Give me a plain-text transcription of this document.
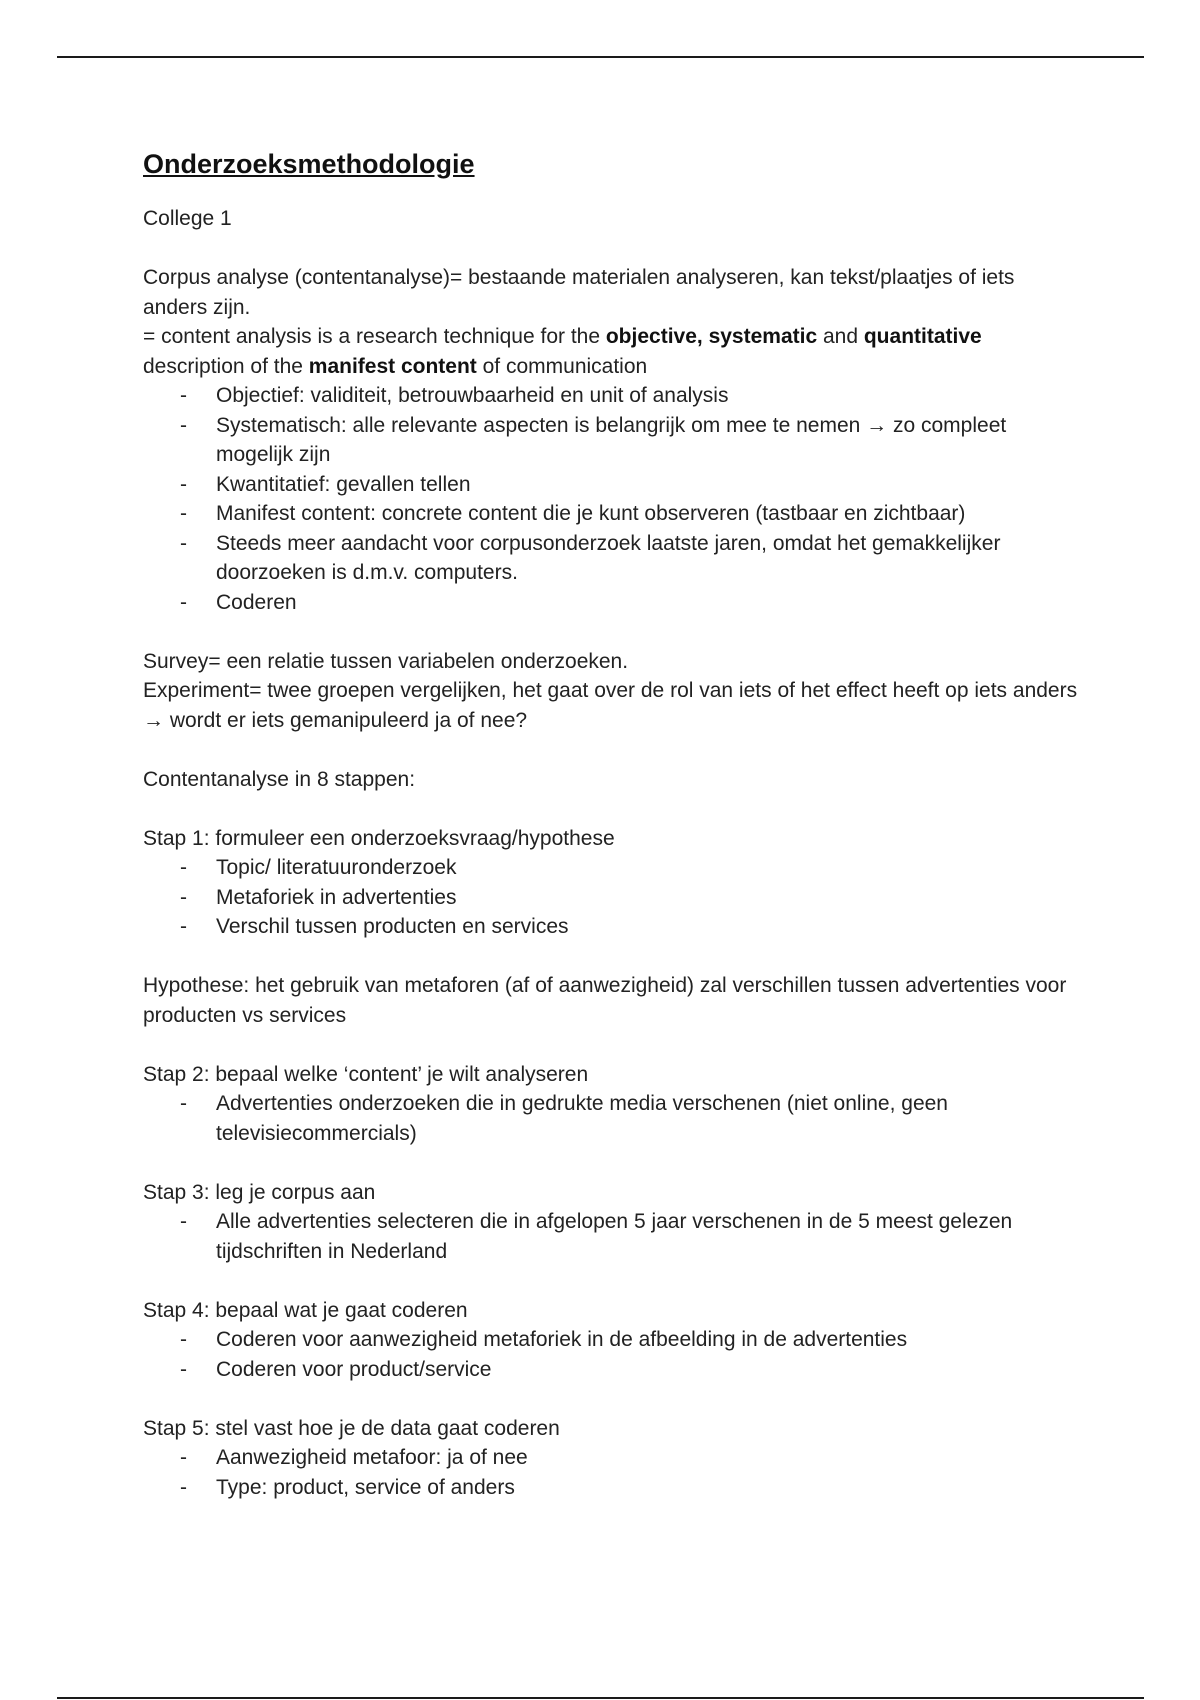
Onderzoeksmethodologie

College 1

Corpus analyse (contentanalyse)= bestaande materialen analyseren, kan tekst/plaatjes of iets anders zijn.

= content analysis is a research technique for the objective, systematic and quantitative description of the manifest content of communication

- Objectief: validiteit, betrouwbaarheid en unit of analysis
- Systematisch: alle relevante aspecten is belangrijk om mee te nemen → zo compleet mogelijk zijn
- Kwantitatief: gevallen tellen
- Manifest content: concrete content die je kunt observeren (tastbaar en zichtbaar)
- Steeds meer aandacht voor corpusonderzoek laatste jaren, omdat het gemakkelijker doorzoeken is d.m.v. computers.
- Coderen

Survey= een relatie tussen variabelen onderzoeken.

Experiment= twee groepen vergelijken, het gaat over de rol van iets of het effect heeft op iets anders → wordt er iets gemanipuleerd ja of nee?

Contentanalyse in 8 stappen:

Stap 1: formuleer een onderzoeksvraag/hypothese

- Topic/ literatuuronderzoek
- Metaforiek in advertenties
- Verschil tussen producten en services

Hypothese: het gebruik van metaforen (af of aanwezigheid) zal verschillen tussen advertenties voor producten vs services

Stap 2: bepaal welke ‘content’ je wilt analyseren

- Advertenties onderzoeken die in gedrukte media verschenen (niet online, geen televisiecommercials)

Stap 3: leg je corpus aan

- Alle advertenties selecteren die in afgelopen 5 jaar verschenen in de 5 meest gelezen tijdschriften in Nederland

Stap 4: bepaal wat je gaat coderen

- Coderen voor aanwezigheid metaforiek in de afbeelding in de advertenties
- Coderen voor product/service

Stap 5: stel vast hoe je de data gaat coderen

- Aanwezigheid metafoor: ja of nee
- Type: product, service of anders
